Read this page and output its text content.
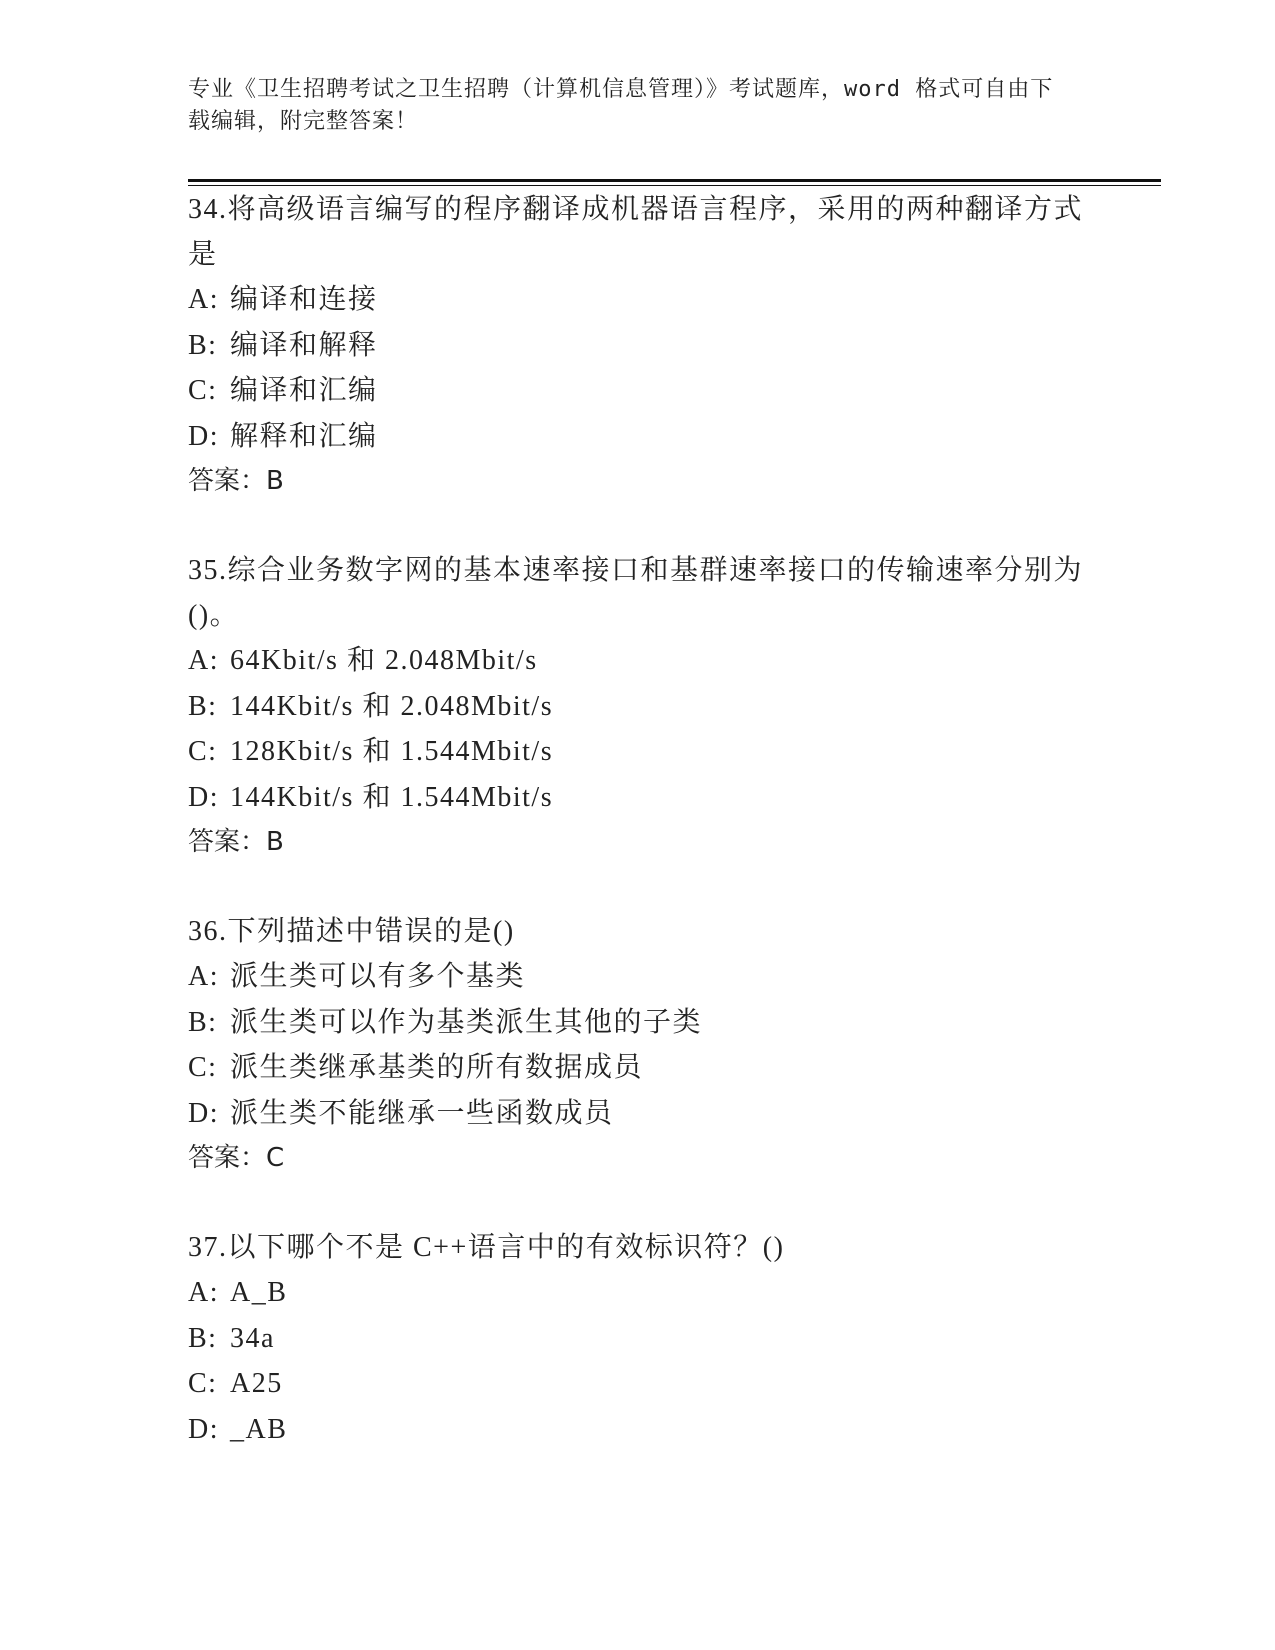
专业《卫生招聘考试之卫生招聘（计算机信息管理）》考试题库，word 格式可自由下载编辑，附完整答案！

34.将高级语言编写的程序翻译成机器语言程序，采用的两种翻译方式是

A: 编译和连接

B: 编译和解释

C: 编译和汇编

D: 解释和汇编

答案：B

35.综合业务数字网的基本速率接口和基群速率接口的传输速率分别为()。

A: 64Kbit/s 和 2.048Mbit/s

B: 144Kbit/s 和 2.048Mbit/s

C: 128Kbit/s 和 1.544Mbit/s

D: 144Kbit/s 和 1.544Mbit/s

答案：B

36.下列描述中错误的是()

A: 派生类可以有多个基类

B: 派生类可以作为基类派生其他的子类

C: 派生类继承基类的所有数据成员

D: 派生类不能继承一些函数成员

答案：C

37.以下哪个不是 C++语言中的有效标识符？()

A: A_B

B: 34a

C: A25

D: _AB
